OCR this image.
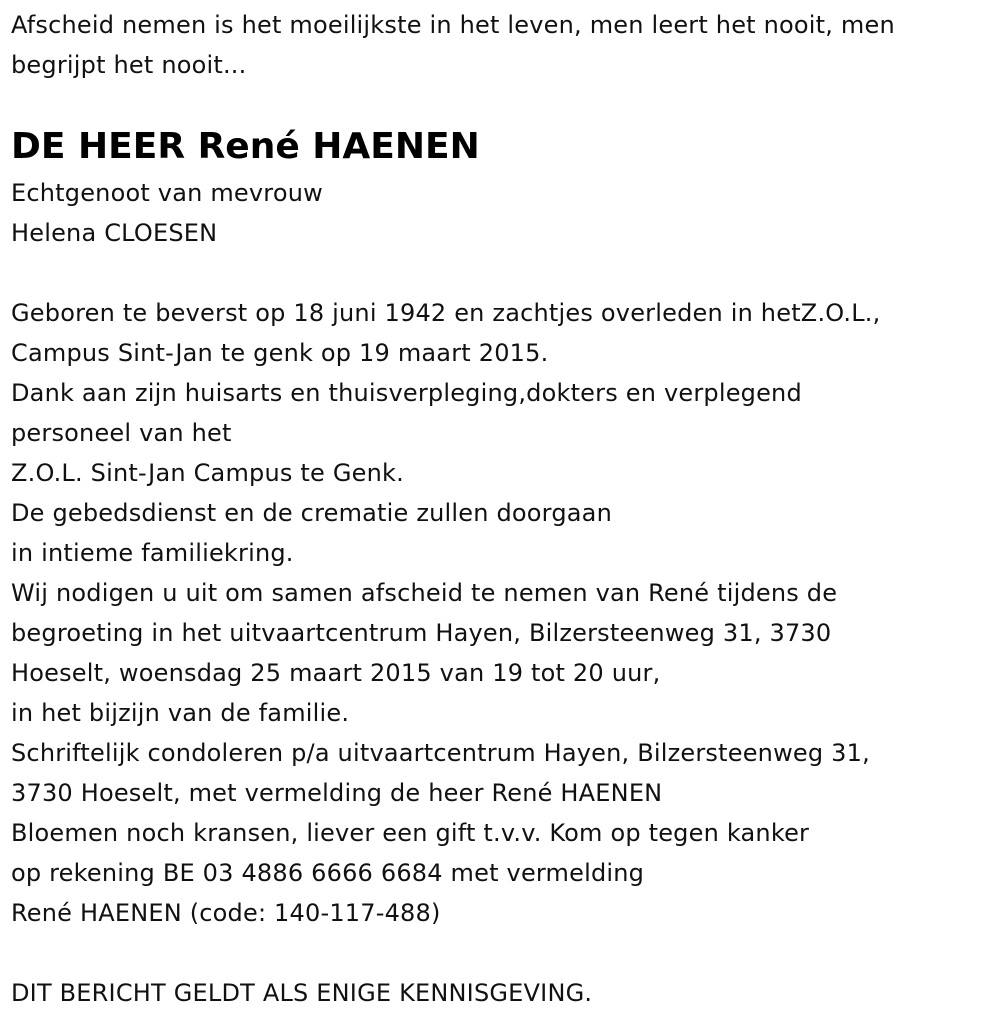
Afscheid nemen is het moeilijkste in het leven, men leert het nooit, men
begrijpt het nooit...
DE HEER René HAENEN
Echtgenoot van mevrouw
Helena CLOESEN
Geboren te beverst op 18 juni 1942 en zachtjes overleden in hetZ.O.L.,
Campus Sint-Jan te genk op 19 maart 2015.
Dank aan zijn huisarts en thuisverpleging,dokters en verplegend
personeel van het
Z.O.L. Sint-Jan Campus te Genk.
De gebedsdienst en de crematie zullen doorgaan
in intieme familiekring.
Wij nodigen u uit om samen afscheid te nemen van René tijdens de
begroeting in het uitvaartcentrum Hayen, Bilzersteenweg 31, 3730
Hoeselt, woensdag 25 maart 2015 van 19 tot 20 uur,
in het bijzijn van de familie.
Schriftelijk condoleren p/a uitvaartcentrum Hayen, Bilzersteenweg 31,
3730 Hoeselt, met vermelding de heer René HAENEN
Bloemen noch kransen, liever een gift t.v.v. Kom op tegen kanker
op rekening BE 03 4886 6666 6684 met vermelding
René HAENEN (code: 140-117-488)
DIT BERICHT GELDT ALS ENIGE KENNISGEVING.
